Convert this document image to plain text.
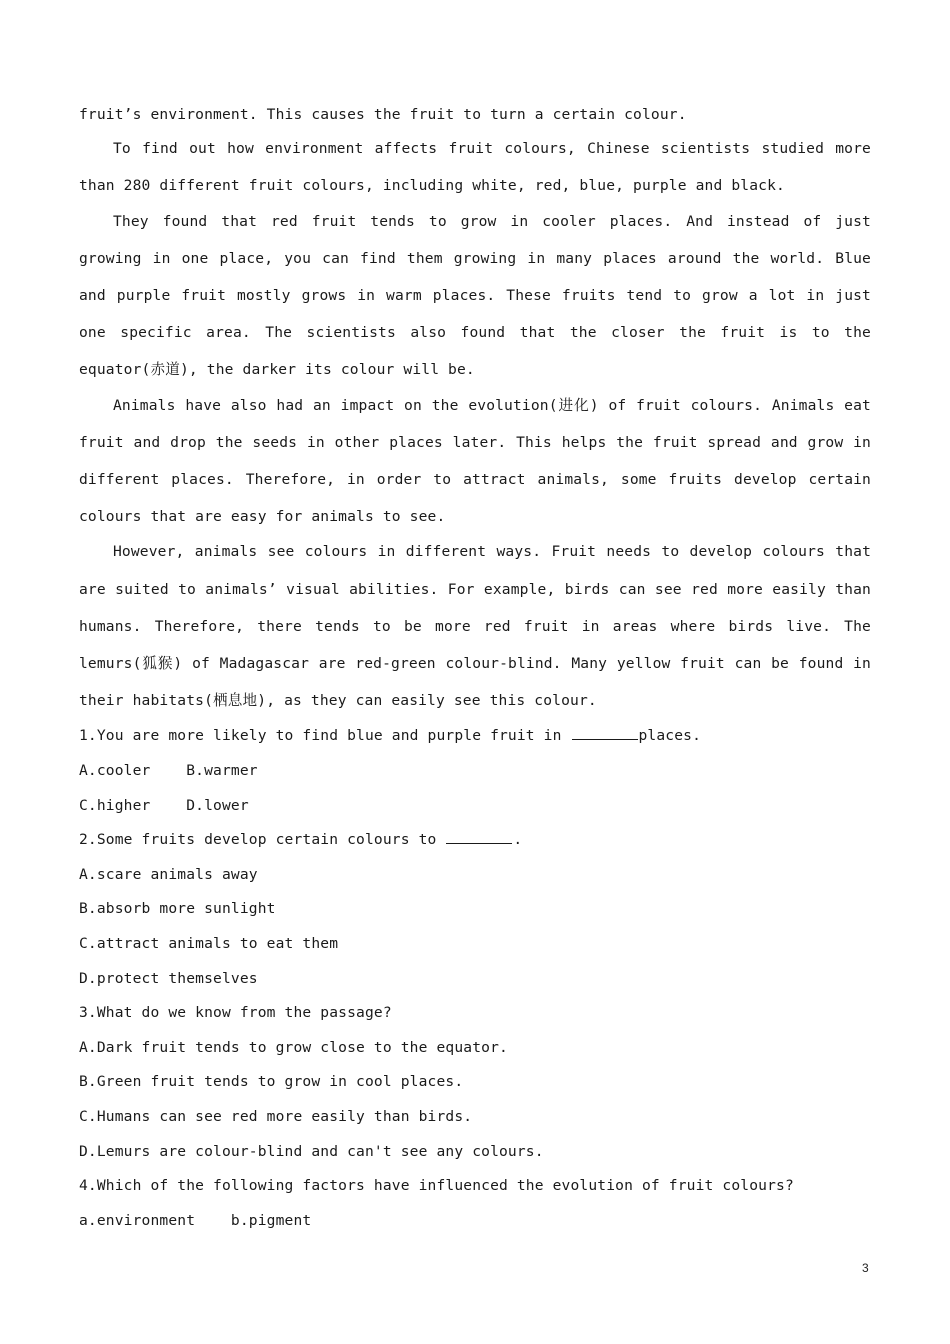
fruit’s environment. This causes the fruit to turn a certain colour.

To find out how environment affects fruit colours, Chinese scientists studied more than 280 different fruit colours, including white, red, blue, purple and black.

They found that red fruit tends to grow in cooler places. And instead of just growing in one place, you can find them growing in many places around the world. Blue and purple fruit mostly grows in warm places. These fruits tend to grow a lot in just one specific area. The scientists also found that the closer the fruit is to the equator(赤道), the darker its colour will be.

Animals have also had an impact on the evolution(进化) of fruit colours. Animals eat fruit and drop the seeds in other places later. This helps the fruit spread and grow in different places. Therefore, in order to attract animals, some fruits develop certain colours that are easy for animals to see.

However, animals see colours in different ways. Fruit needs to develop colours that are suited to animals’ visual abilities. For example, birds can see red more easily than humans. Therefore, there tends to be more red fruit in areas where birds live. The lemurs(狐猴) of Madagascar are red-green colour-blind. Many yellow fruit can be found in their habitats(栖息地), as they can easily see this colour.

1.You are more likely to find blue and purple fruit in	places.

A.cooler    B.warmer

C.higher    D.lower

2.Some fruits develop certain colours to	.

A.scare animals away

B.absorb more sunlight

C.attract animals to eat them

D.protect themselves

3.What do we know from the passage?

A.Dark fruit tends to grow close to the equator.

B.Green fruit tends to grow in cool places.

C.Humans can see red more easily than birds.

D.Lemurs are colour-blind and can't see any colours.

4.Which of the following factors have influenced the evolution of fruit colours?

a.environment    b.pigment

3
